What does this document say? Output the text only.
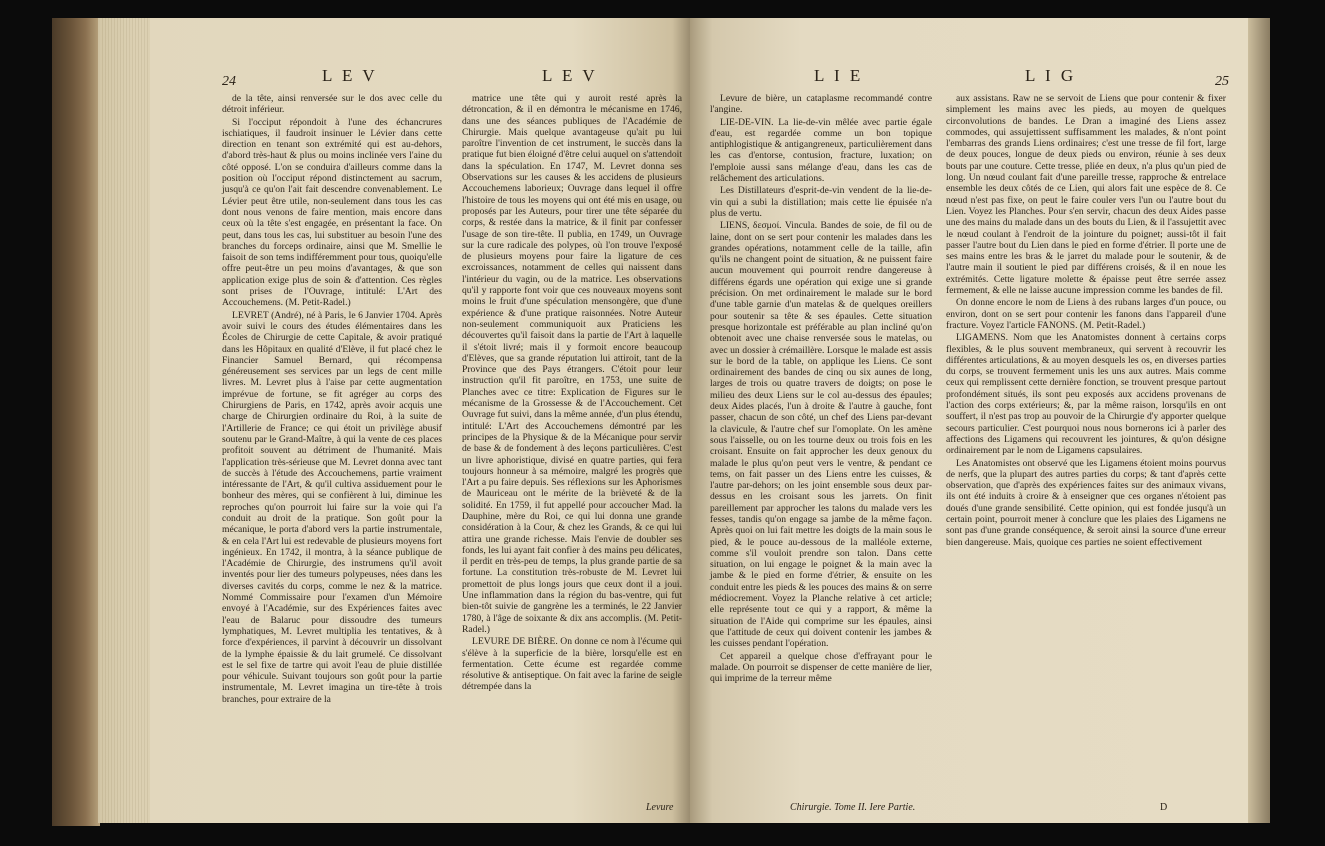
24	L E V	L E V

de la tête, ainsi renversée sur le dos avec celle du détroit inférieur.

Si l'occiput répondoit à l'une des échancrures ischiatiques, il faudroit insinuer le Lévier dans cette direction en tenant son extrémité qui est au-dehors, d'abord très-haut & plus ou moins inclinée vers l'aine du côté opposé. L'on se conduira d'ailleurs comme dans la position où l'occiput répond distinctement au sacrum, jusqu'à ce qu'on l'ait fait descendre convenablement. Le Lévier peut être utile, non-seulement dans tous les cas dont nous venons de faire mention, mais encore dans ceux où la tête s'est engagée, en présentant la face. On peut, dans tous les cas, lui substituer au besoin l'une des branches du forceps ordinaire, ainsi que M. Smellie le faisoit de son tems indifféremment pour tous, quoiqu'elle offre peut-être un peu moins d'avantages, & que son application exige plus de soin & d'attention. Ces règles sont prises de l'Ouvrage, intitulé: L'Art des Accouchemens. (M. Petit-Radel.)

LEVRET (André), né à Paris, le 6 Janvier 1704. Après avoir suivi le cours des études élémentaires dans les Écoles de Chirurgie de cette Capitale, & avoir pratiqué dans les Hôpitaux en qualité d'Elève, il fut placé chez le Financier Samuel Bernard, qui récompensa généreusement ses services par un legs de cent mille livres. M. Levret plus à l'aise par cette augmentation imprévue de fortune, se fit agréger au corps des Chirurgiens de Paris, en 1742, après avoir acquis une charge de Chirurgien ordinaire du Roi, à la suite de l'Artillerie de France; ce qui étoit un privilège abusif soutenu par le Grand-Maître, à qui la vente de ces places profitoit souvent au détriment de l'humanité. Mais l'application très-sérieuse que M. Levret donna avec tant de succès à l'étude des Accouchemens, partie vraiment intéressante de l'Art, & qu'il cultiva assiduement pour le bonheur des mères, qui se confièrent à lui, diminue les reproches qu'on pourroit lui faire sur la voie qui l'a conduit au droit de la pratique. Son goût pour la mécanique, le porta d'abord vers la partie instrumentale, & en cela l'Art lui est redevable de plusieurs moyens fort ingénieux. En 1742, il montra, à la séance publique de l'Académie de Chirurgie, des instrumens qu'il avoit inventés pour lier des tumeurs polypeuses, nées dans les diverses cavités du corps, comme le nez & la matrice. Nommé Commissaire pour l'examen d'un Mémoire envoyé à l'Académie, sur des Expériences faites avec l'eau de Balaruc pour dissoudre des tumeurs lymphatiques, M. Levret multiplia les tentatives, & à force d'expériences, il parvint à découvrir un dissolvant de la lymphe épaissie & du lait grumelé. Ce dissolvant est le sel fixe de tartre qui avoit l'eau de pluie distillée pour véhicule. Suivant toujours son goût pour la partie instrumentale, M. Levret imagina un tire-tête à trois branches, pour extraire de la

matrice une tête qui y auroit resté après la détroncation, & il en démontra le mécanisme en 1746, dans une des séances publiques de l'Académie de Chirurgie. Mais quelque avantageuse qu'ait pu lui paroître l'invention de cet instrument, le succès dans la pratique fut bien éloigné d'être celui auquel on s'attendoit dans la spéculation. En 1747, M. Levret donna ses Observations sur les causes & les accidens de plusieurs Accouchemens laborieux; Ouvrage dans lequel il offre l'histoire de tous les moyens qui ont été mis en usage, ou proposés par les Auteurs, pour tirer une tête séparée du corps, & restée dans la matrice, & il finit par confesser l'usage de son tire-tête. Il publia, en 1749, un Ouvrage sur la cure radicale des polypes, où l'on trouve l'exposé de plusieurs moyens pour faire la ligature de ces excroissances, notamment de celles qui naissent dans l'intérieur du vagin, ou de la matrice. Les observations qu'il y rapporte font voir que ces nouveaux moyens sont moins le fruit d'une spéculation mensongère, que d'une expérience & d'une pratique raisonnées. Notre Auteur non-seulement communiquoit aux Praticiens les découvertes qu'il faisoit dans la partie de l'Art à laquelle il s'étoit livré; mais il y formoit encore beaucoup d'Elèves, que sa grande réputation lui attiroit, tant de la Province que des Pays étrangers. C'étoit pour leur instruction qu'il fit paroître, en 1753, une suite de Planches avec ce titre: Explication de Figures sur le mécanisme de la Grossesse & de l'Accouchement. Cet Ouvrage fut suivi, dans la même année, d'un plus étendu, intitulé: L'Art des Accouchemens démontré par les principes de la Physique & de la Mécanique pour servir de base & de fondement à des leçons particulières. C'est un livre aphoristique, divisé en quatre parties, qui fera toujours honneur à sa mémoire, malgré les progrès que l'Art a pu faire depuis. Ses réflexions sur les Aphorismes de Mauriceau ont le mérite de la brièveté & de la solidité. En 1759, il fut appellé pour accoucher Mad. la Dauphine, mère du Roi, ce qui lui donna une grande considération à la Cour, & chez les Grands, & ce qui lui attira une grande richesse. Mais l'envie de doubler ses fonds, les lui ayant fait confier à des mains peu délicates, il perdit en très-peu de temps, la plus grande partie de sa fortune. La constitution très-robuste de M. Levret lui promettoit de plus longs jours que ceux dont il a joui. Une inflammation dans la région du bas-ventre, qui fut bien-tôt suivie de gangrène les a terminés, le 22 Janvier 1780, à l'âge de soixante & dix ans accomplis. (M. Petit-Radel.)

LEVURE DE BIÈRE. On donne ce nom à l'écume qui s'élève à la superficie de la bière, lorsqu'elle est en fermentation. Cette écume est regardée comme résolutive & antiseptique. On fait avec la farine de seigle détrempée dans la

Levure
L I E	L I G	25

Levure de bière, un cataplasme recommandé contre l'angine.

LIE-DE-VIN. La lie-de-vin mêlée avec partie égale d'eau, est regardée comme un bon topique antiphlogistique & antigangreneux, particulièrement dans les cas d'entorse, contusion, fracture, luxation; on l'emploie aussi sans mélange d'eau, dans les cas de relâchement des articulations.

Les Distillateurs d'esprit-de-vin vendent de la lie-de-vin qui a subi la distillation; mais cette lie épuisée n'a plus de vertu.

LIENS, δεσμοί. Vincula. Bandes de soie, de fil ou de laine, dont on se sert pour contenir les malades dans les grandes opérations, notamment celle de la taille, afin qu'ils ne changent point de situation, & ne puissent faire aucun mouvement qui pourroit rendre dangereuse à différens égards une opération qui exige une si grande précision. On met ordinairement le malade sur le bord d'une table garnie d'un matelas & de quelques oreillers pour soutenir sa tête & ses épaules. Cette situation presque horizontale est préférable au plan incliné qu'on obtenoit avec une chaise renversée sous le matelas, ou avec un dossier à crémaillère. Lorsque le malade est assis sur le bord de la table, on applique les Liens. Ce sont ordinairement des bandes de cinq ou six aunes de long, larges de trois ou quatre travers de doigts; on pose le milieu des deux Liens sur le col au-dessus des épaules; deux Aides placés, l'un à droite & l'autre à gauche, font passer, chacun de son côté, un chef des Liens par-devant la clavicule, & l'autre chef sur l'omoplate. On les amène sous l'aisselle, ou on les tourne deux ou trois fois en les croisant. Ensuite on fait approcher les deux genoux du malade le plus qu'on peut vers le ventre, & pendant ce tems, on fait passer un des Liens entre les cuisses, & l'autre par-dehors; on les joint ensemble sous deux par-dessus en les croisant sous les jarrets. On finit pareillement par approcher les talons du malade vers les fesses, tandis qu'on engage sa jambe de la même façon. Après quoi on lui fait mettre les doigts de la main sous le pied, & le pouce au-dessous de la malléole externe, comme s'il vouloit prendre son talon. Dans cette situation, on lui engage le poignet & la main avec la jambe & le pied en forme d'étrier, & ensuite on les conduit entre les pieds & les pouces des mains & on serre médiocrement. Voyez la Planche relative à cet article; elle représente tout ce qui y a rapport, & même la situation de l'Aide qui comprime sur les épaules, ainsi que l'attitude de ceux qui doivent contenir les jambes & les cuisses pendant l'opération.

Cet appareil a quelque chose d'effrayant pour le malade. On pourroit se dispenser de cette manière de lier, qui imprime de la terreur même

aux assistans. Raw ne se servoit de Liens que pour contenir & fixer simplement les mains avec les pieds, au moyen de quelques circonvolutions de bandes. Le Dran a imaginé des Liens assez commodes, qui assujettissent suffisamment les malades, & n'ont point l'embarras des grands Liens ordinaires; c'est une tresse de fil fort, large de deux pouces, longue de deux pieds ou environ, réunie à ses deux bouts par une couture. Cette tresse, pliée en deux, n'a plus qu'un pied de long. Un nœud coulant fait d'une pareille tresse, rapproche & entrelace ensemble les deux côtés de ce Lien, qui alors fait une espèce de 8. Ce nœud n'est pas fixe, on peut le faire couler vers l'un ou l'autre bout du Lien. Voyez les Planches. Pour s'en servir, chacun des deux Aides passe une des mains du malade dans un des bouts du Lien, & il l'assujettit avec le nœud coulant à l'endroit de la jointure du poignet; aussi-tôt il fait passer l'autre bout du Lien dans le pied en forme d'étrier. Il porte une de ses mains entre les bras & le jarret du malade pour le soutenir, & de l'autre main il soutient le pied par différens croisés, & il en noue les extrémités. Cette ligature molette & épaisse peut être serrée assez fermement, & elle ne laisse aucune impression comme les bandes de fil.

On donne encore le nom de Liens à des rubans larges d'un pouce, ou environ, dont on se sert pour contenir les fanons dans l'appareil d'une fracture. Voyez l'article FANONS. (M. Petit-Radel.)

LIGAMENS. Nom que les Anatomistes donnent à certains corps flexibles, & le plus souvent membraneux, qui servent à recouvrir les différentes articulations, & au moyen desquels les os, en diverses parties du corps, se trouvent fermement unis les uns aux autres. Mais comme ceux qui remplissent cette dernière fonction, se trouvent presque partout profondément situés, ils sont peu exposés aux accidens provenans de l'action des corps extérieurs; &, par la même raison, lorsqu'ils en ont souffert, il n'est pas trop au pouvoir de la Chirurgie d'y apporter quelque secours particulier. C'est pourquoi nous nous bornerons ici à parler des affections des Ligamens qui recouvrent les jointures, & qu'on désigne ordinairement par le nom de Ligamens capsulaires.

Les Anatomistes ont observé que les Ligamens étoient moins pourvus de nerfs, que la plupart des autres parties du corps; & tant d'après cette observation, que d'après des expériences faites sur des animaux vivans, ils ont été induits à croire & à enseigner que ces organes n'étoient pas doués d'une grande sensibilité. Cette opinion, qui est fondée jusqu'à un certain point, pourroit mener à conclure que les plaies des Ligamens ne sont pas d'une grande conséquence, & seroit ainsi la source d'une erreur bien dangereuse. Mais, quoique ces parties ne soient effectivement

Chirurgie. Tome II. Iere Partie.	D
